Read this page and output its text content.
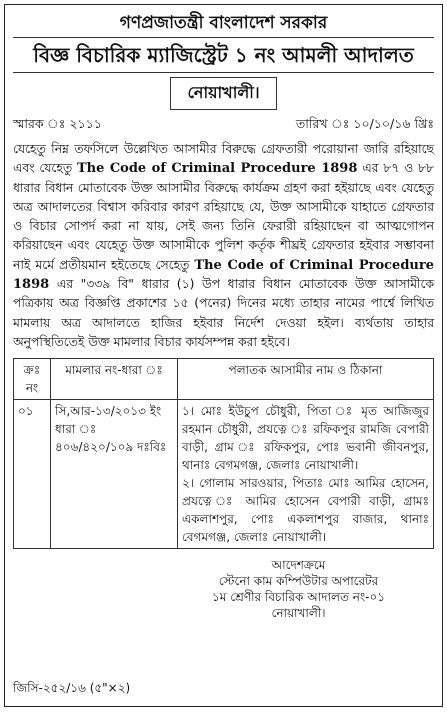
গণপ্রজাতন্ত্রী বাংলাদেশ সরকার
বিজ্ঞ বিচারিক ম্যাজিস্ট্রেট ১ নং আমলী আদালত
নোয়াখালী।
স্মারক ঃ ২১১১	তারিখ ঃ ১০/১০/১৬ খ্রিঃ

যেহেতু নিম্ন তফসিলে উল্লেখিত আসামীর বিরুদ্ধে গ্রেফতারী পরোয়ানা জারি রহিয়াছে এবং যেহেতু The Code of Criminal Procedure 1898 এর ৮৭ ও ৮৮ ধারার বিধান মোতাবেক উক্ত আসামীর বিরুদ্ধে কার্যক্রম গ্রহণ করা হইয়াছে এবং যেহেতু অত্র আদালতের বিশ্বাস করিবার কারণ রহিয়াছে যে, উক্ত আসামীকে যাহাতে গ্রেফতার ও বিচার সোপর্দ করা না যায়, সেই জন্য তিনি ফেরারী রহিয়াছেন বা আত্মগোপন করিয়াছেন এবং যেহেতু উক্ত আসামীকে পুলিশ কর্তৃক শীঘ্রই গ্রেফতার হইবার সম্ভাবনা নাই মর্মে প্রতীয়মান হইতেছে সেহেতু The Code of Criminal Procedure 1898 এর "৩৩৯ বি" ধারার (১) উপ ধারার বিধান মোতাবেক উক্ত আসামীকে পত্রিকায় অত্র বিজ্ঞপ্তি প্রকাশের ১৫ (পনের) দিনের মধ্যে তাহার নামের পার্শ্বে লিখিত মামলায় অত্র আদালতে হাজির হইবার নির্দেশ দেওয়া হইল। ব্যর্থতায় তাহার অনুপস্থিতিতেই উক্ত মামলার বিচার কার্যসম্পন্ন করা হইবে।

ক্রঃ নং	মামলার নং-ধারা ঃ	পলাতক আসামীর নাম ও ঠিকানা
০১	সি,আর-১৩/২০১৩ ইং ধারা ঃ ৪০৬/৪২০/১০৯ দঃবিঃ	১। মোঃ ইউচুপ চৌধুরী, পিতা ঃ মৃত আজিজুর রহমান চৌধুরী, প্রযত্নে ঃ রফিকপুর রামজি বেপারী বাড়ী, গ্রাম ঃ রফিকপুর, পোঃ ভবানী জীবনপুর, থানাঃ বেগমগঞ্জ, জেলাঃ নোয়াখালী।
২। গোলাম সারওয়ার, পিতাঃ মোঃ আমির হোসেন, প্রযত্নে ঃ আমির হোসেন বেপারী বাড়ী, গ্রামঃ একলাশপুর, পোঃ একলাশপুর বাজার, থানাঃ বেগমগঞ্জ, জেলাঃ নোয়াখালী।
আদেশক্রমে
স্টেনো কাম কম্পিউটার অপারেটর
১ম শ্রেণীর বিচারিক আদালত নং-০১
নোয়াখালী।
জিসি-২৫২/১৬ (৫"×২)
